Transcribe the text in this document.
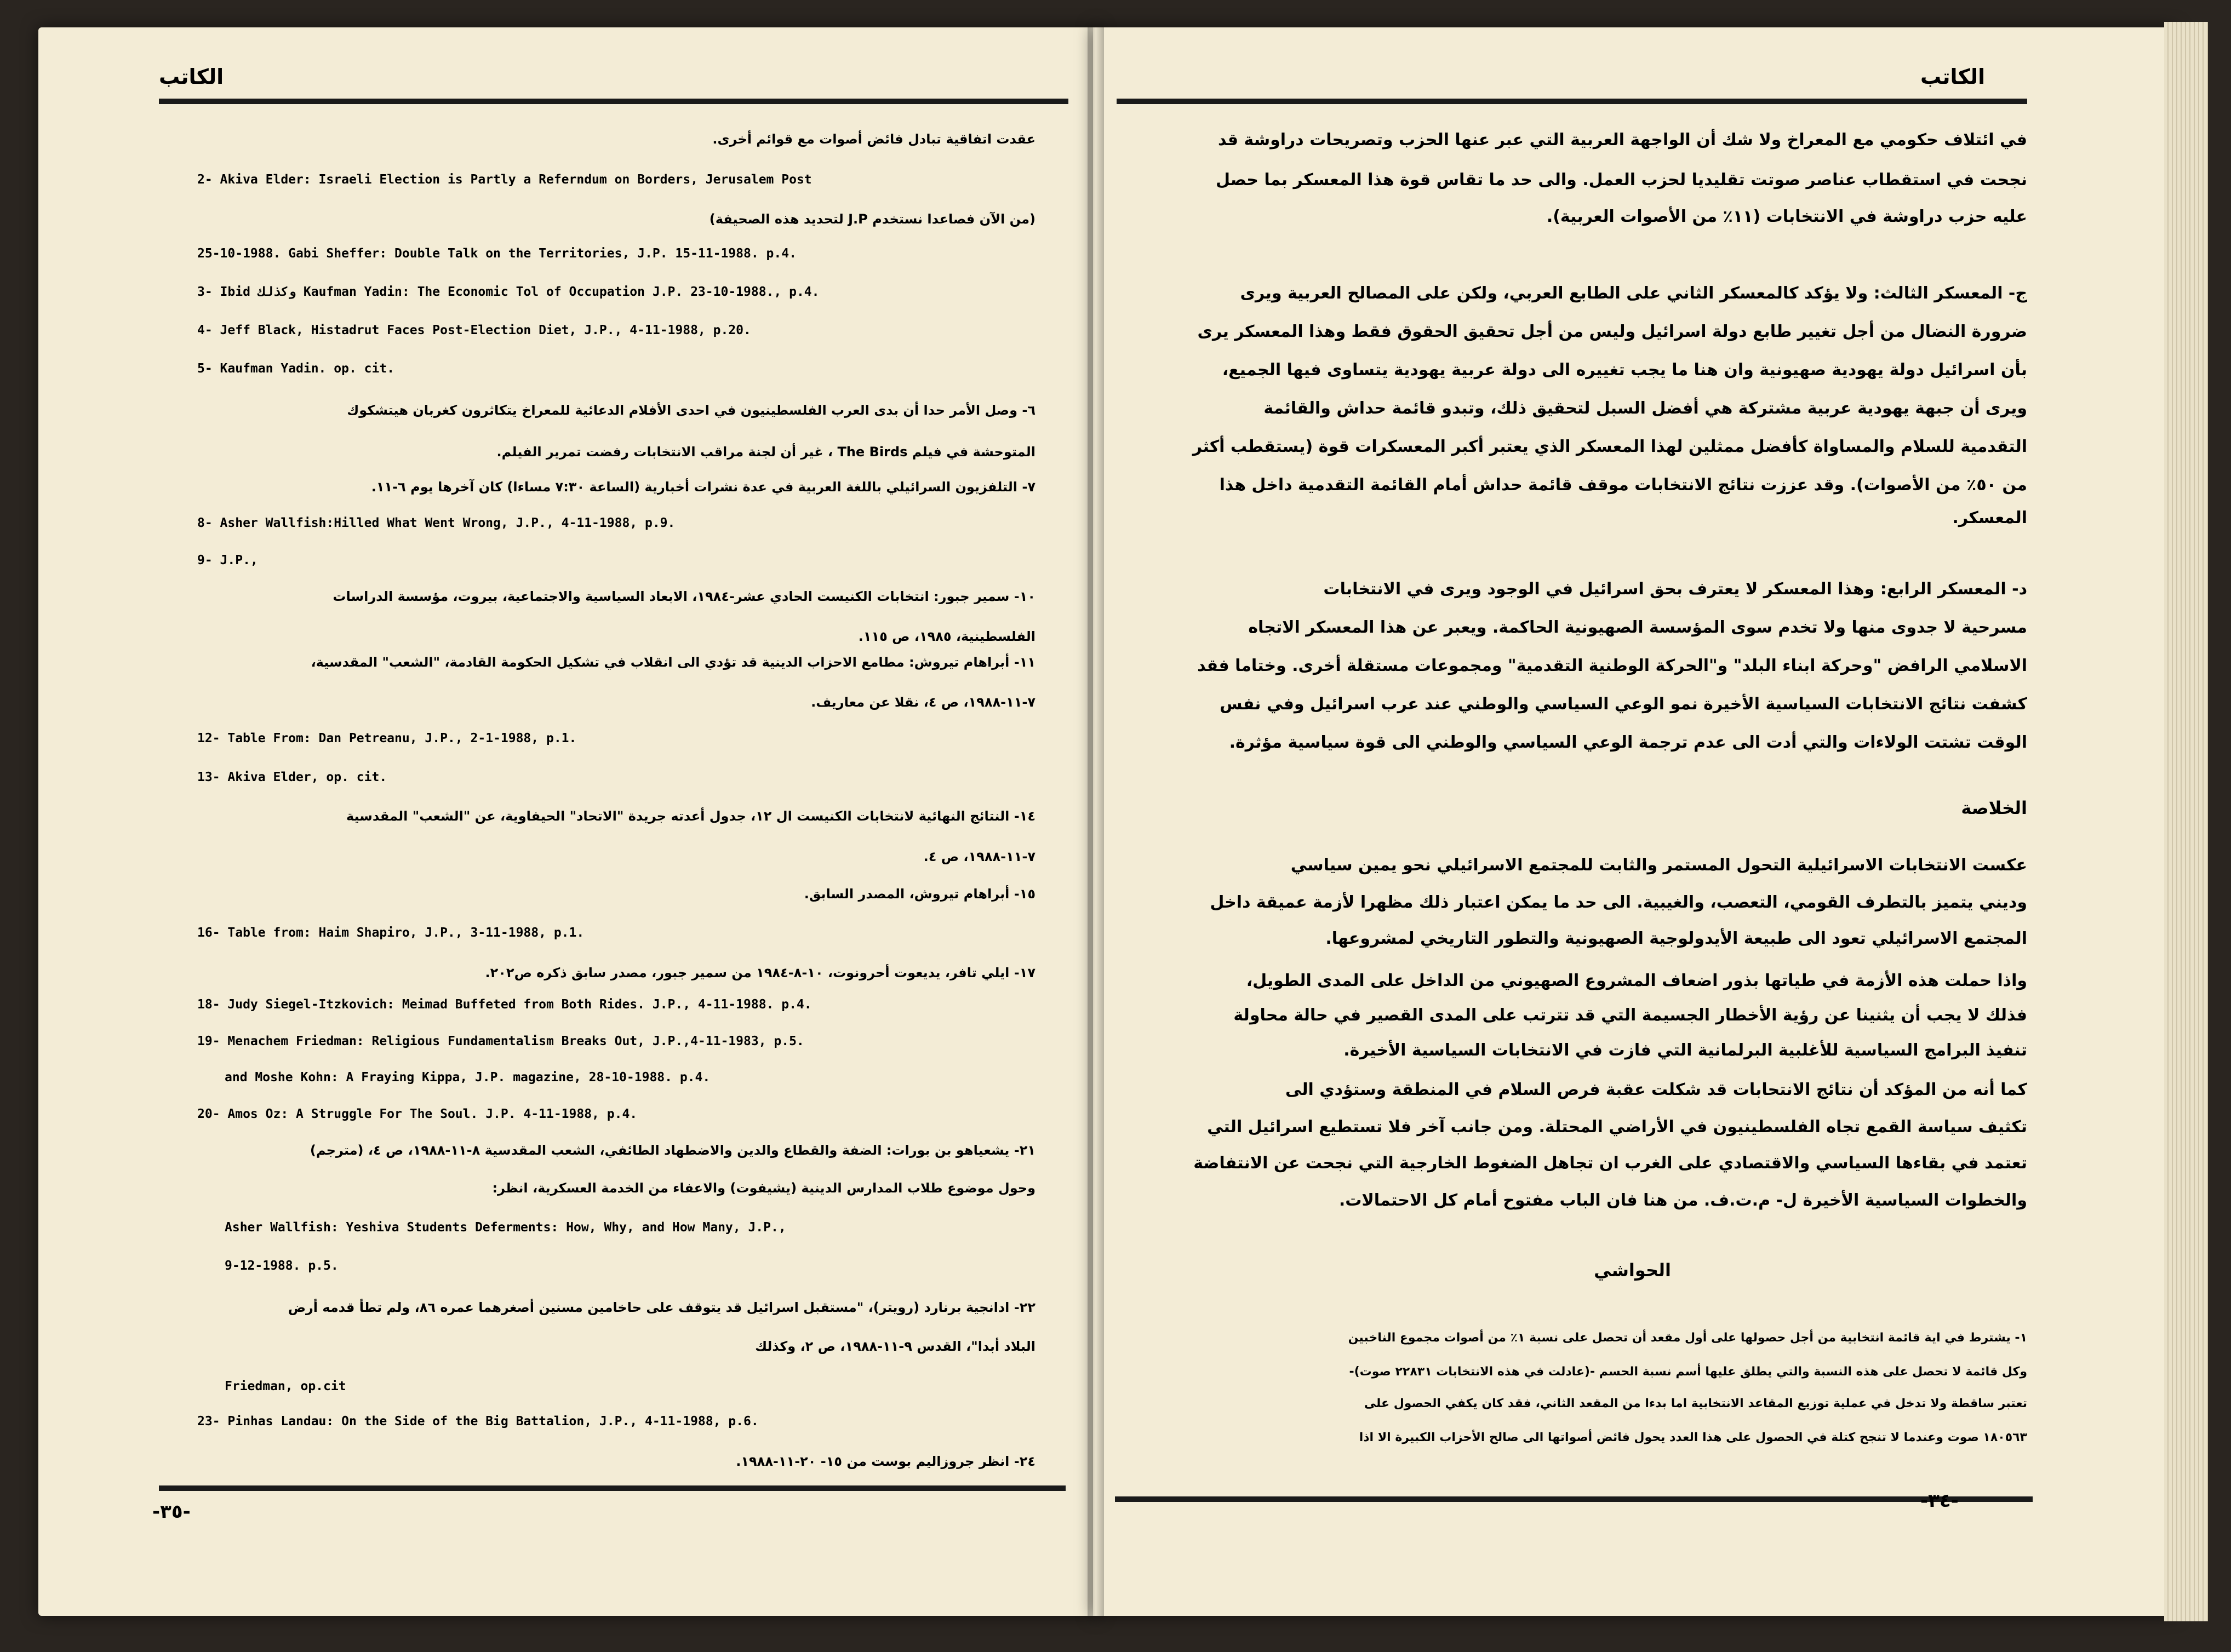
الكاتب	الكاتب
عقدت اتفاقية تبادل فائض أصوات مع قوائم أخرى.
2- Akiva Elder: Israeli Election is Partly a Referndum on Borders, Jerusalem Post
(من الآن فصاعدا نستخدم J.P لتحديد هذه الصحيفة)
25-10-1988. Gabi Sheffer: Double Talk on the Territories, J.P. 15-11-1988. p.4.
3- Ibid وكذلك Kaufman Yadin: The Economic Tol of Occupation J.P. 23-10-1988., p.4.
4- Jeff Black, Histadrut Faces Post-Election Diet, J.P., 4-11-1988, p.20.
5- Kaufman Yadin. op. cit.
٦- وصل الأمر حدا أن بدى العرب الفلسطينيون في احدى الأفلام الدعائية للمعراخ يتكاثرون كغربان هيتشكوك
المتوحشة في فيلم The Birds ، غير أن لجنة مراقب الانتخابات رفضت تمرير الفيلم.
٧- التلفزيون السرائيلي باللغة العربية في عدة نشرات أخبارية (الساعة ٧:٣٠ مساءا) كان آخرها يوم ٦-١١.
8- Asher Wallfish:Hilled What Went Wrong, J.P., 4-11-1988, p.9.
9- J.P.,
١٠- سمير جبور: انتخابات الكنيست الحادي عشر-١٩٨٤، الابعاد السياسية والاجتماعية، بيروت، مؤسسة الدراسات
الفلسطينية، ١٩٨٥، ص ١١٥.
١١- أبراهام تيروش: مطامع الاحزاب الدينية قد تؤدي الى انقلاب في تشكيل الحكومة القادمة، "الشعب" المقدسية،
٧-١١-١٩٨٨، ص ٤، نقلا عن معاريف.
12- Table From: Dan Petreanu, J.P., 2-1-1988, p.1.
13- Akiva Elder, op. cit.
١٤- النتائج النهائية لانتخابات الكنيست ال ١٢، جدول أعدته جريدة "الاتحاد" الحيفاوية، عن "الشعب" المقدسية
٧-١١-١٩٨٨، ص ٤.
١٥- أبراهام تيروش، المصدر السابق.
16- Table from: Haim Shapiro, J.P., 3-11-1988, p.1.
١٧- ايلي تافر، يديعوت أحرونوت، ١٠-٨-١٩٨٤ من سمير جبور، مصدر سابق ذكره ص٢٠٢.
18- Judy Siegel-Itzkovich: Meimad Buffeted from Both Rides. J.P., 4-11-1988. p.4.
19- Menachem Friedman: Religious Fundamentalism Breaks Out, J.P.,4-11-1983, p.5.
and Moshe Kohn: A Fraying Kippa, J.P. magazine, 28-10-1988. p.4.
20- Amos Oz: A Struggle For The Soul. J.P. 4-11-1988, p.4.
٢١- يشعياهو بن بورات: الضفة والقطاع والدين والاضطهاد الطائفي، الشعب المقدسية ٨-١١-١٩٨٨، ص ٤، (مترجم)
وحول موضوع طلاب المدارس الدينية (يشيفوت) والاعفاء من الخدمة العسكرية، انظر:
Asher Wallfish: Yeshiva Students Deferments: How, Why, and How Many, J.P.,
9-12-1988. p.5.
٢٢- ادانجية برنارد (رويتر)، "مستقبل اسرائيل قد يتوقف على حاخامين مسنين أصغرهما عمره ٨٦، ولم تطأ قدمه أرض
البلاد أبدا"، القدس ٩-١١-١٩٨٨، ص ٢، وكذلك
Friedman, op.cit
23- Pinhas Landau: On the Side of the Big Battalion, J.P., 4-11-1988, p.6.
٢٤- انظر جروزاليم بوست من ١٥- ٢٠-١١-١٩٨٨.
-٣٥-
في ائتلاف حكومي مع المعراخ ولا شك أن الواجهة العربية التي عبر عنها الحزب وتصريحات دراوشة قد
نجحت في استقطاب عناصر صوتت تقليديا لحزب العمل. والى حد ما تقاس قوة هذا المعسكر بما حصل
عليه حزب دراوشة في الانتخابات (١١٪ من الأصوات العربية).
ج- المعسكر الثالث: ولا يؤكد كالمعسكر الثاني على الطابع العربي، ولكن على المصالح العربية ويرى
ضرورة النضال من أجل تغيير طابع دولة اسرائيل وليس من أجل تحقيق الحقوق فقط وهذا المعسكر يرى
بأن اسرائيل دولة يهودية صهيونية وان هنا ما يجب تغييره الى دولة عربية يهودية يتساوى فيها الجميع،
ويرى أن جبهة يهودية عربية مشتركة هي أفضل السبل لتحقيق ذلك، وتبدو قائمة حداش والقائمة
التقدمية للسلام والمساواة كأفضل ممثلين لهذا المعسكر الذي يعتبر أكبر المعسكرات قوة (يستقطب أكثر
من ٥٠٪ من الأصوات). وقد عززت نتائج الانتخابات موقف قائمة حداش أمام القائمة التقدمية داخل هذا
المعسكر.
د- المعسكر الرابع: وهذا المعسكر لا يعترف بحق اسرائيل في الوجود ويرى في الانتخابات
مسرحية لا جدوى منها ولا تخدم سوى المؤسسة الصهيونية الحاكمة. ويعبر عن هذا المعسكر الاتجاه
الاسلامي الرافض "وحركة ابناء البلد" و"الحركة الوطنية التقدمية" ومجموعات مستقلة أخرى. وختاما فقد
كشفت نتائج الانتخابات السياسية الأخيرة نمو الوعي السياسي والوطني عند عرب اسرائيل وفي نفس
الوقت تشتت الولاءات والتي أدت الى عدم ترجمة الوعي السياسي والوطني الى قوة سياسية مؤثرة.
الخلاصة
عكست الانتخابات الاسرائيلية التحول المستمر والثابت للمجتمع الاسرائيلي نحو يمين سياسي
وديني يتميز بالتطرف القومي، التعصب، والغيبية. الى حد ما يمكن اعتبار ذلك مظهرا لأزمة عميقة داخل
المجتمع الاسرائيلي تعود الى طبيعة الأيدولوجية الصهيونية والتطور التاريخي لمشروعها.
واذا حملت هذه الأزمة في طياتها بذور اضعاف المشروع الصهيوني من الداخل على المدى الطويل،
فذلك لا يجب أن يثنينا عن رؤية الأخطار الجسيمة التي قد تترتب على المدى القصير في حالة محاولة
تنفيذ البرامج السياسية للأغلبية البرلمانية التي فازت في الانتخابات السياسية الأخيرة.
كما أنه من المؤكد أن نتائج الانتحابات قد شكلت عقبة فرص السلام في المنطقة وستؤدي الى
تكثيف سياسة القمع تجاه الفلسطينيون في الأراضي المحتلة. ومن جانب آخر فلا تستطيع اسرائيل التي
تعتمد في بقاءها السياسي والاقتصادي على الغرب ان تجاهل الضغوط الخارجية التي نجحت عن الانتفاضة
والخطوات السياسية الأخيرة ل- م.ت.ف. من هنا فان الباب مفتوح أمام كل الاحتمالات.
الحواشي
١- يشترط في اية قائمة انتخابية من أجل حصولها على أول مقعد أن تحصل على نسبة ١٪ من أصوات مجموع الناخبين
وكل قائمة لا تحصل على هذه النسبة والتي يطلق عليها أسم نسبة الحسم -(عادلت في هذه الانتخابات ٢٢٨٣١ صوت)-
تعتبر ساقطة ولا تدخل في عملية توزيع المقاعد الانتخابية اما بدءا من المقعد الثاني، فقد كان يكفي الحصول على
١٨٠٥٦٣ صوت وعندما لا تنجح كتلة في الحصول على هذا العدد يحول فائض أصواتها الى صالح الأحزاب الكبيرة الا اذا
-٣٤-
